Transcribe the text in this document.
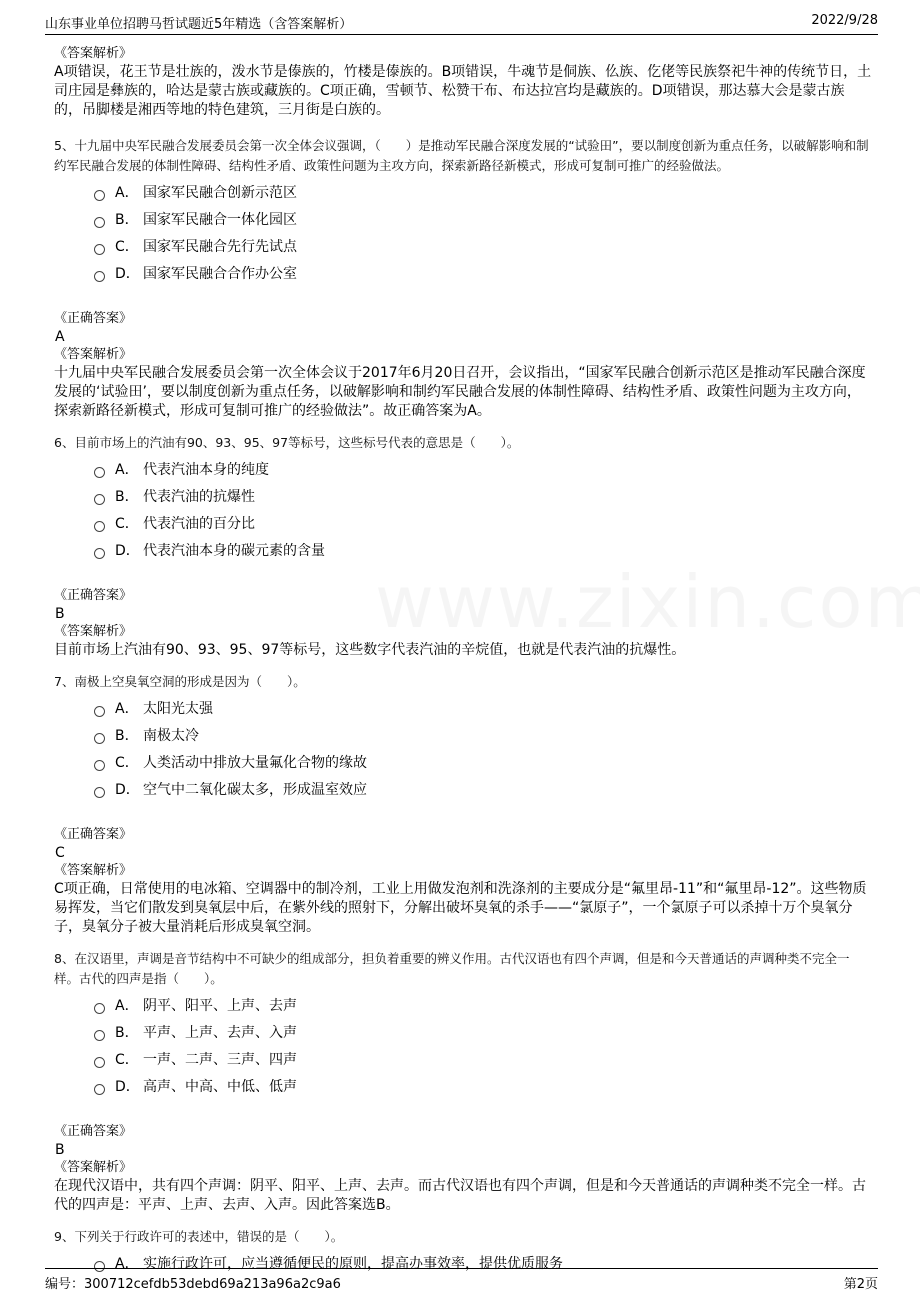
山东事业单位招聘马哲试题近5年精选（含答案解析）	2022/9/28
《答案解析》
A项错误，花王节是壮族的，泼水节是傣族的，竹楼是傣族的。B项错误，牛魂节是侗族、仫族、仡佬等民族祭祀牛神的传统节日，土司庄园是彝族的，哈达是蒙古族或藏族的。C项正确，雪顿节、松赞干布、布达拉宫均是藏族的。D项错误，那达慕大会是蒙古族的，吊脚楼是湘西等地的特色建筑，三月街是白族的。
5、十九届中央军民融合发展委员会第一次全体会议强调，（　　）是推动军民融合深度发展的“试验田”，要以制度创新为重点任务，以破解影响和制约军民融合发展的体制性障碍、结构性矛盾、政策性问题为主攻方向，探索新路径新模式，形成可复制可推广的经验做法。
A． 国家军民融合创新示范区
B． 国家军民融合一体化园区
C． 国家军民融合先行先试点
D． 国家军民融合合作办公室
《正确答案》
A
《答案解析》
十九届中央军民融合发展委员会第一次全体会议于2017年6月20日召开，会议指出，“国家军民融合创新示范区是推动军民融合深度发展的‘试验田’，要以制度创新为重点任务，以破解影响和制约军民融合发展的体制性障碍、结构性矛盾、政策性问题为主攻方向，探索新路径新模式，形成可复制可推广的经验做法”。故正确答案为A。
6、目前市场上的汽油有90、93、95、97等标号，这些标号代表的意思是（　　）。
A． 代表汽油本身的纯度
B． 代表汽油的抗爆性
C． 代表汽油的百分比
D． 代表汽油本身的碳元素的含量
《正确答案》
B
《答案解析》
目前市场上汽油有90、93、95、97等标号，这些数字代表汽油的辛烷值，也就是代表汽油的抗爆性。
7、南极上空臭氧空洞的形成是因为（　　）。
A． 太阳光太强
B． 南极太冷
C． 人类活动中排放大量氟化合物的缘故
D． 空气中二氧化碳太多，形成温室效应
《正确答案》
C
《答案解析》
C项正确，日常使用的电冰箱、空调器中的制冷剂，工业上用做发泡剂和洗涤剂的主要成分是“氟里昂-11”和“氟里昂-12”。这些物质易挥发，当它们散发到臭氧层中后，在紫外线的照射下，分解出破坏臭氧的杀手——“氯原子”，一个氯原子可以杀掉十万个臭氧分子，臭氧分子被大量消耗后形成臭氧空洞。
8、在汉语里，声调是音节结构中不可缺少的组成部分，担负着重要的辨义作用。古代汉语也有四个声调，但是和今天普通话的声调种类不完全一样。古代的四声是指（　　）。
A． 阴平、阳平、上声、去声
B． 平声、上声、去声、入声
C． 一声、二声、三声、四声
D． 高声、中高、中低、低声
《正确答案》
B
《答案解析》
在现代汉语中，共有四个声调：阴平、阳平、上声、去声。而古代汉语也有四个声调，但是和今天普通话的声调种类不完全一样。古代的四声是：平声、上声、去声、入声。因此答案选B。
9、下列关于行政许可的表述中，错误的是（　　）。
A． 实施行政许可，应当遵循便民的原则，提高办事效率，提供优质服务
编号：300712cefdb53debd69a213a96a2c9a6	第2页
